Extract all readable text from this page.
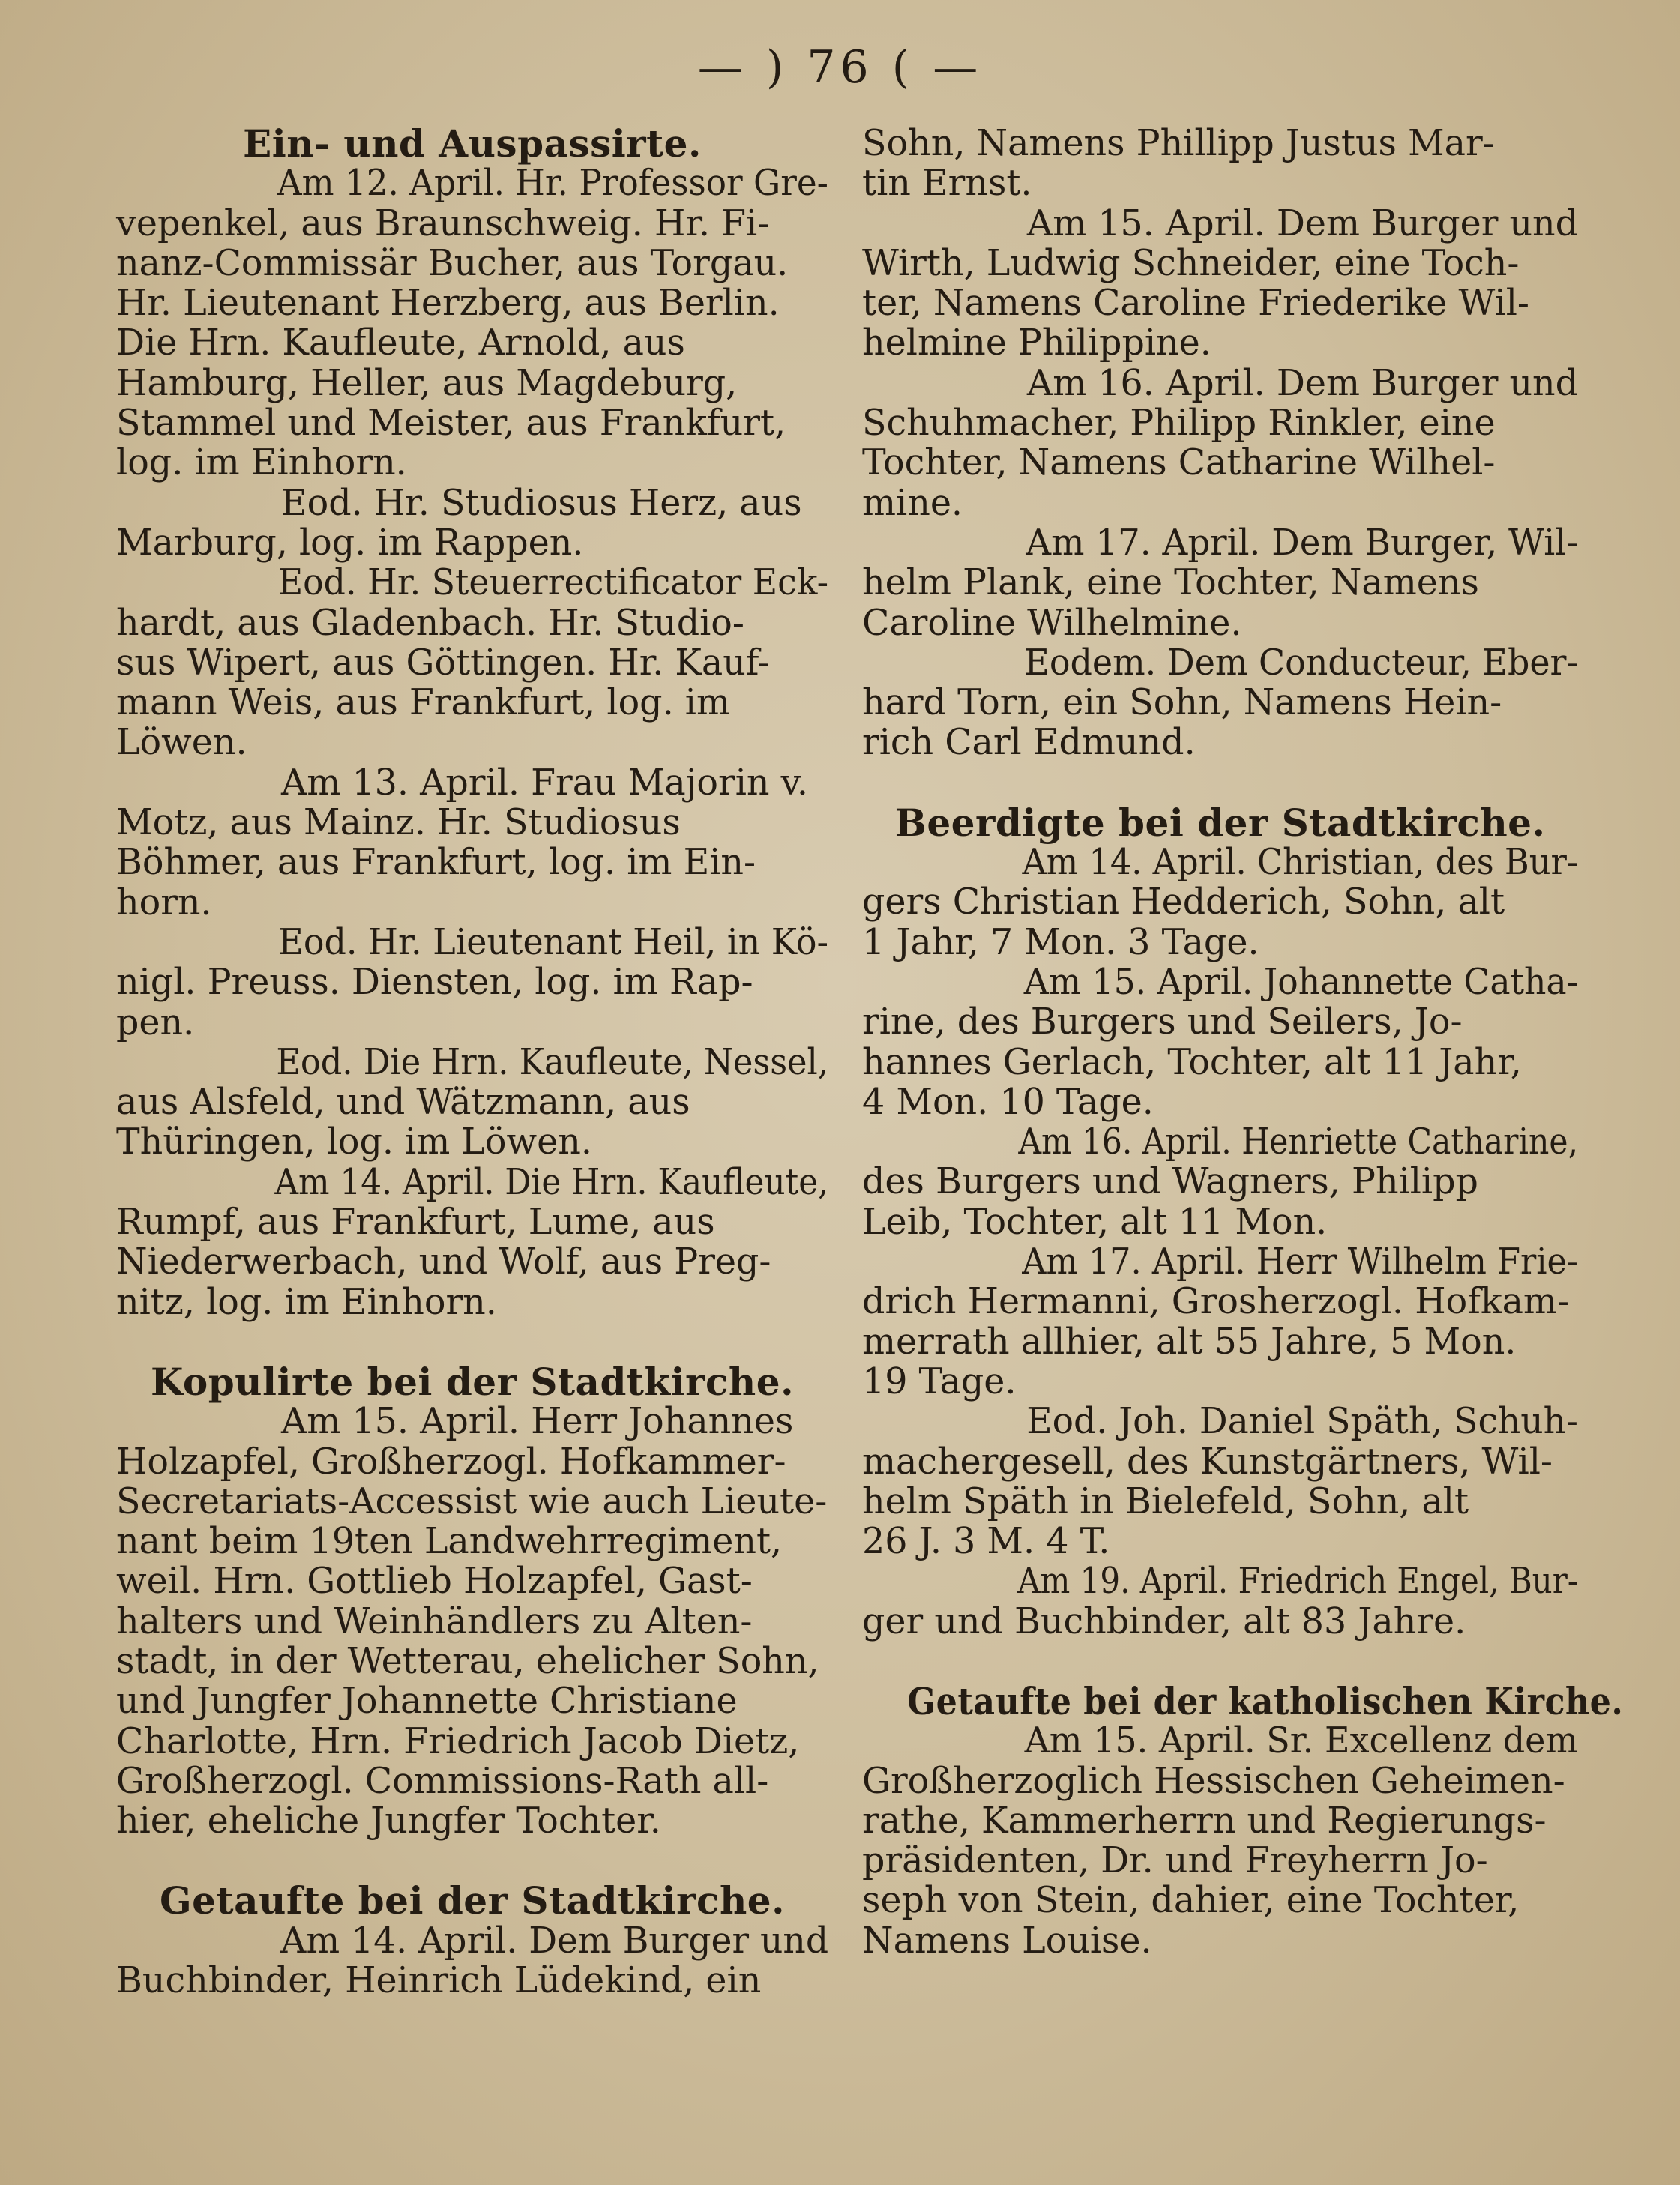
— ) 76 ( —
Ein- und Auspassirte.
Am 12. April. Hr. Professor Gre-
vepenkel, aus Braunschweig. Hr. Fi-
nanz-Commissär Bucher, aus Torgau.
Hr. Lieutenant Herzberg, aus Berlin.
Die Hrn. Kaufleute, Arnold, aus
Hamburg, Heller, aus Magdeburg,
Stammel und Meister, aus Frankfurt,
log. im Einhorn.
Eod. Hr. Studiosus Herz, aus
Marburg, log. im Rappen.
Eod. Hr. Steuerrectificator Eck-
hardt, aus Gladenbach. Hr. Studio-
sus Wipert, aus Göttingen. Hr. Kauf-
mann Weis, aus Frankfurt, log. im
Löwen.
Am 13. April. Frau Majorin v.
Motz, aus Mainz. Hr. Studiosus
Böhmer, aus Frankfurt, log. im Ein-
horn.
Eod. Hr. Lieutenant Heil, in Kö-
nigl. Preuss. Diensten, log. im Rap-
pen.
Eod. Die Hrn. Kaufleute, Nessel,
aus Alsfeld, und Wätzmann, aus
Thüringen, log. im Löwen.
Am 14. April. Die Hrn. Kaufleute,
Rumpf, aus Frankfurt, Lume, aus
Niederwerbach, und Wolf, aus Preg-
nitz, log. im Einhorn.
Kopulirte bei der Stadtkirche.
Am 15. April. Herr Johannes
Holzapfel, Großherzogl. Hofkammer-
Secretariats-Accessist wie auch Lieute-
nant beim 19ten Landwehrregiment,
weil. Hrn. Gottlieb Holzapfel, Gast-
halters und Weinhändlers zu Alten-
stadt, in der Wetterau, ehelicher Sohn,
und Jungfer Johannette Christiane
Charlotte, Hrn. Friedrich Jacob Dietz,
Großherzogl. Commissions-Rath all-
hier, eheliche Jungfer Tochter.
Getaufte bei der Stadtkirche.
Am 14. April. Dem Burger und
Buchbinder, Heinrich Lüdekind, ein
Sohn, Namens Phillipp Justus Mar-
tin Ernst.
Am 15. April. Dem Burger und
Wirth, Ludwig Schneider, eine Toch-
ter, Namens Caroline Friederike Wil-
helmine Philippine.
Am 16. April. Dem Burger und
Schuhmacher, Philipp Rinkler, eine
Tochter, Namens Catharine Wilhel-
mine.
Am 17. April. Dem Burger, Wil-
helm Plank, eine Tochter, Namens
Caroline Wilhelmine.
Eodem. Dem Conducteur, Eber-
hard Torn, ein Sohn, Namens Hein-
rich Carl Edmund.
Beerdigte bei der Stadtkirche.
Am 14. April. Christian, des Bur-
gers Christian Hedderich, Sohn, alt
1 Jahr, 7 Mon. 3 Tage.
Am 15. April. Johannette Catha-
rine, des Burgers und Seilers, Jo-
hannes Gerlach, Tochter, alt 11 Jahr,
4 Mon. 10 Tage.
Am 16. April. Henriette Catharine,
des Burgers und Wagners, Philipp
Leib, Tochter, alt 11 Mon.
Am 17. April. Herr Wilhelm Frie-
drich Hermanni, Grosherzogl. Hofkam-
merrath allhier, alt 55 Jahre, 5 Mon.
19 Tage.
Eod. Joh. Daniel Späth, Schuh-
machergesell, des Kunstgärtners, Wil-
helm Späth in Bielefeld, Sohn, alt
26 J. 3 M. 4 T.
Am 19. April. Friedrich Engel, Bur-
ger und Buchbinder, alt 83 Jahre.
Getaufte bei der katholischen Kirche.
Am 15. April. Sr. Excellenz dem
Großherzoglich Hessischen Geheimen-
rathe, Kammerherrn und Regierungs-
präsidenten, Dr. und Freyherrn Jo-
seph von Stein, dahier, eine Tochter,
Namens Louise.
